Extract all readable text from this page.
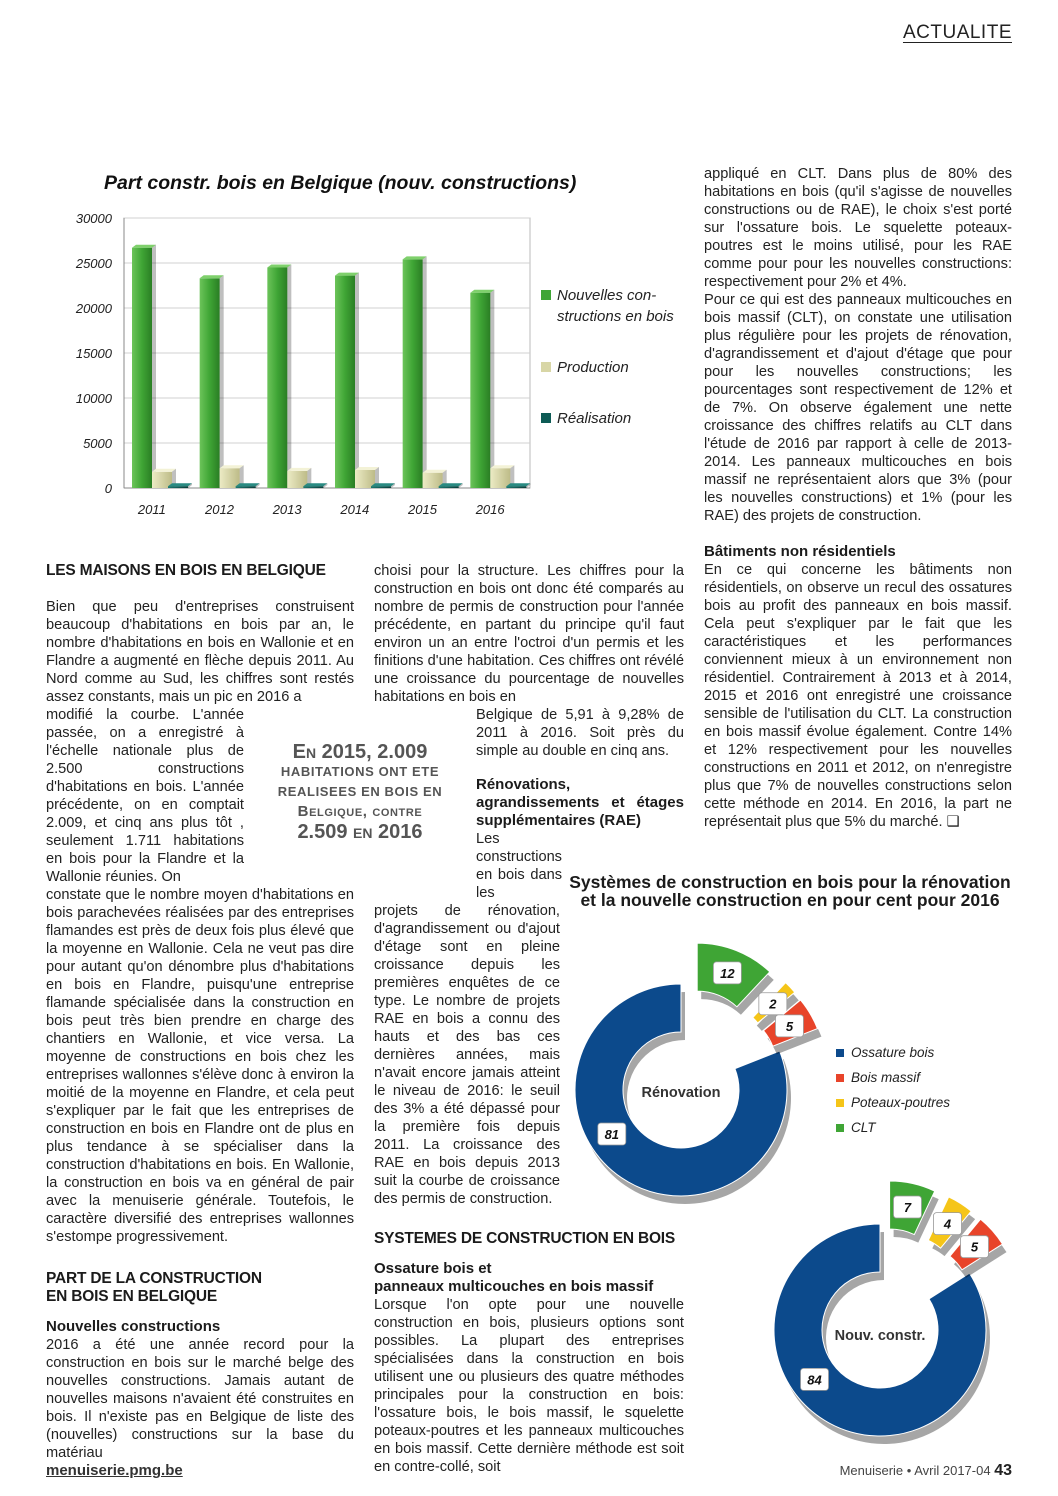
ACTUALITE
Part constr. bois en Belgique (nouv. constructions)
30000
25000
20000
15000
10000
5000
0
2011	2012	2013	2014	2015	2016
Nouvelles con-
structions en bois
Production
Réalisation
LES MAISONS EN BOIS EN BELGIQUE

Bien que peu d'entreprises construisent beaucoup d'habitations en bois par an, le nombre d'habitations en bois en Wallonie et en Flandre a augmenté en flèche depuis 2011. Au Nord comme au Sud, les chiffres sont restés assez constants, mais un pic en 2016 a

modifié la courbe. L'année passée, on a enregistré à l'échelle nationale plus de 2.500 constructions d'habitations en bois. L'année précédente, on en comptait 2.009, et cinq ans plus tôt , seulement 1.711 habitations en bois pour la Flandre et la Wallonie réunies. On

constate que le nombre moyen d'habitations en bois parachevées réalisées par des entreprises flamandes est près de deux fois plus élevé que la moyenne en Wallonie. Cela ne veut pas dire pour autant qu'on dénombre plus d'habitations en bois en Flandre, puisqu'une entreprise flamande spécialisée dans la construction en bois peut très bien prendre en charge des chantiers en Wallonie, et vice versa. La moyenne de constructions en bois chez les entreprises wallonnes s'élève donc à environ la moitié de la moyenne en Flandre, et cela peut s'expliquer par le fait que les entreprises de construction en bois en Flandre ont de plus en plus tendance à se spécialiser dans la construction d'habitations en bois. En Wallonie, la construction en bois va en général de pair avec la menuiserie générale. Toutefois, le caractère diversifié des entreprises wallonnes s'estompe progressivement.

PART DE LA CONSTRUCTION
EN BOIS EN BELGIQUE
Nouvelles constructions

2016 a été une année record pour la construction en bois sur le marché belge des nouvelles constructions. Jamais autant de nouvelles maisons n'avaient été construites en bois. Il n'existe pas en Belgique de liste des (nouvelles) constructions sur la base du matériau

En 2015, 2.009
HABITATIONS ONT ETE
REALISEES EN BOIS EN
Belgique, contre
2.509 en 2016

choisi pour la structure. Les chiffres pour la construction en bois ont donc été comparés au nombre de permis de construction pour l'année précédente, en partant du principe qu'il faut environ un an entre l'octroi d'un permis et les finitions d'une habitation. Ces chiffres ont révélé une croissance du pourcentage de nouvelles habitations en bois en

Belgique de 5,91 à 9,28% de 2011 à 2016. Soit près du simple au double en cinq ans.

Rénovations, agrandissements et étages supplémentaires (RAE)

Les constructions en bois dans les

projets de rénovation, d'agrandissement ou d'ajout d'étage sont en pleine croissance depuis les premières enquêtes de ce type. Le nombre de projets RAE en bois a connu des hauts et des bas ces dernières années, mais n'avait encore jamais atteint le niveau de 2016: le seuil des 3% a été dépassé pour la première fois depuis 2011. La croissance des RAE en bois depuis 2013 suit la courbe de croissance des permis de construction.

SYSTEMES DE CONSTRUCTION EN BOIS
Ossature bois et
panneaux multicouches en bois massif

Lorsque l'on opte pour une nouvelle construction en bois, plusieurs options sont possibles. La plupart des entreprises spécialisées dans la construction en bois utilisent une ou plusieurs des quatre méthodes principales pour la construction en bois: l'ossature bois, le bois massif, le squelette poteaux-poutres et les panneaux multicouches en bois massif. Cette dernière méthode est soit en contre-collé, soit

appliqué en CLT. Dans plus de 80% des habitations en bois (qu'il s'agisse de nouvelles constructions ou de RAE), le choix s'est porté sur l'ossature bois. Le squelette poteaux-poutres est le moins utilisé, pour les RAE comme pour pour les nouvelles constructions: respectivement pour 2% et 4%.

Pour ce qui est des panneaux multicouches en bois massif (CLT), on constate une utilisation plus régulière pour les projets de rénovation, d'agrandissement et d'ajout d'étage que pour pour les nouvelles constructions; les pourcentages sont respectivement de 12% et de 7%. On observe également une nette croissance des chiffres relatifs au CLT dans l'étude de 2016 par rapport à celle de 2013-2014. Les panneaux multicouches en bois massif ne représentaient alors que 3% (pour les nouvelles constructions) et 1% (pour les RAE) des projets de construction.

Bâtiments non résidentiels

En ce qui concerne les bâtiments non résidentiels, on observe un recul des ossatures bois au profit des panneaux en bois massif. Cela peut s'expliquer par le fait que les caractéristiques et les performances conviennent mieux à un environnement non résidentiel. Contrairement à 2013 et à 2014, 2015 et 2016 ont enregistré une croissance sensible de l'utilisation du CLT. La construction en bois massif évolue également. Contre 14% et 12% respectivement pour les nouvelles constructions en 2011 et 2012, on n'enregistre plus que 7% de nouvelles constructions selon cette méthode en 2014. En 2016, la part ne représentait plus que 5% du marché. ❑

Systèmes de construction en bois pour la rénovation
et la nouvelle construction en pour cent pour 2016
81
12
2
5
84
7
4
5
Rénovation
Nouv. constr.
Ossature bois
Bois massif
Poteaux-poutres
CLT
menuiserie.pmg.be	Menuiserie • Avril 2017-04 43
